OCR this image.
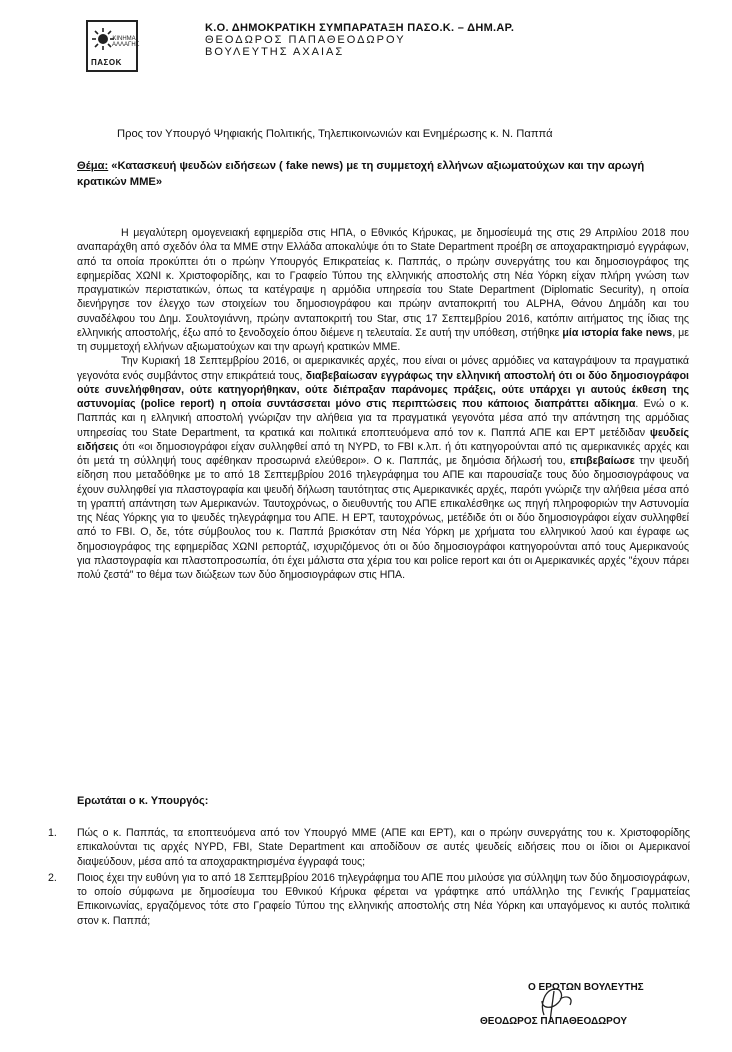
ΚΙΝΗΜΑ ΑΛΛΑΓΗΣ
ΠΑΣΟΚ
Κ.Ο. ΔΗΜΟΚΡΑΤΙΚΗ ΣΥΜΠΑΡΑΤΑΞΗ ΠΑΣΟ.Κ. – ΔΗΜ.ΑΡ.
ΘΕΟΔΩΡΟΣ ΠΑΠΑΘΕΟΔΩΡΟΥ
ΒΟΥΛΕΥΤΗΣ ΑΧΑΙΑΣ
Προς τον Υπουργό Ψηφιακής Πολιτικής, Τηλεπικοινωνιών και Ενημέρωσης κ. Ν. Παππά
Θέμα: «Κατασκευή ψευδών ειδήσεων ( fake news) με τη συμμετοχή ελλήνων αξιωματούχων και την αρωγή κρατικών ΜΜΕ»

Η μεγαλύτερη ομογενειακή εφημερίδα στις ΗΠΑ, ο Εθνικός Κήρυκας, με δημοσίευμά της στις 29 Απριλίου 2018 που αναπαράχθη από σχεδόν όλα τα ΜΜΕ στην Ελλάδα αποκαλύψε ότι το State Department προέβη σε αποχαρακτηρισμό εγγράφων, από τα οποία προκύπτει ότι ο πρώην Υπουργός Επικρατείας κ. Παππάς, ο πρώην συνεργάτης του και δημοσιογράφος της εφημερίδας ΧΩΝΙ κ. Χριστοφορίδης, και το Γραφείο Τύπου της ελληνικής αποστολής στη Νέα Υόρκη είχαν πλήρη γνώση των πραγματικών περιστατικών, όπως τα κατέγραψε η αρμόδια υπηρεσία του State Department (Diplomatic Security), η οποία διενήργησε τον έλεγχο των στοιχείων του δημοσιογράφου και πρώην ανταποκριτή του ALPHA, Θάνου Δημάδη και του συναδέλφου του Δημ. Σουλτογιάννη, πρώην ανταποκριτή του Star, στις 17 Σεπτεμβρίου 2016, κατόπιν αιτήματος της ίδιας της ελληνικής αποστολής, έξω από το ξενοδοχείο όπου διέμενε η τελευταία. Σε αυτή την υπόθεση, στήθηκε μία ιστορία fake news, με τη συμμετοχή ελλήνων αξιωματούχων και την αρωγή κρατικών ΜΜΕ.

Την Κυριακή 18 Σεπτεμβρίου 2016, οι αμερικανικές αρχές, που είναι οι μόνες αρμόδιες να καταγράψουν τα πραγματικά γεγονότα ενός συμβάντος στην επικράτειά τους, διαβεβαίωσαν εγγράφως την ελληνική αποστολή ότι οι δύο δημοσιογράφοι ούτε συνελήφθησαν, ούτε κατηγορήθηκαν, ούτε διέπραξαν παράνομες πράξεις, ούτε υπάρχει γι αυτούς έκθεση της αστυνομίας (police report) η οποία συντάσσεται μόνο στις περιπτώσεις που κάποιος διαπράττει αδίκημα. Ενώ ο κ. Παππάς και η ελληνική αποστολή γνώριζαν την αλήθεια για τα πραγματικά γεγονότα μέσα από την απάντηση της αρμόδιας υπηρεσίας του State Department, τα κρατικά και πολιτικά εποπτευόμενα από τον κ. Παππά ΑΠΕ και ΕΡΤ μετέδιδαν ψευδείς ειδήσεις ότι «οι δημοσιογράφοι είχαν συλληφθεί από τη NYPD, το FBI κ.λπ. ή ότι κατηγορούνται από τις αμερικανικές αρχές και ότι μετά τη σύλληψή τους αφέθηκαν προσωρινά ελεύθεροι». Ο κ. Παππάς, με δημόσια δήλωσή του, επιβεβαίωσε την ψευδή είδηση που μεταδόθηκε με το από 18 Σεπτεμβρίου 2016 τηλεγράφημα του ΑΠΕ και παρουσίαζε τους δύο δημοσιογράφους να έχουν συλληφθεί για πλαστογραφία και ψευδή δήλωση ταυτότητας στις Αμερικανικές αρχές, παρότι γνώριζε την αλήθεια μέσα από τη γραπτή απάντηση των Αμερικανών. Ταυτοχρόνως, ο διευθυντής του ΑΠΕ επικαλέσθηκε ως πηγή πληροφοριών την Αστυνομία της Νέας Υόρκης για το ψευδές τηλεγράφημα του ΑΠΕ. Η ΕΡΤ, ταυτοχρόνως, μετέδιδε ότι οι δύο δημοσιογράφοι είχαν συλληφθεί από το FBI. Ο, δε, τότε σύμβουλος του κ. Παππά βρισκόταν στη Νέα Υόρκη με χρήματα του ελληνικού λαού και έγραφε ως δημοσιογράφος της εφημερίδας ΧΩΝΙ ρεπορτάζ, ισχυριζόμενος ότι οι δύο δημοσιογράφοι κατηγορούνται από τους Αμερικανούς για πλαστογραφία και πλαστοπροσωπία, ότι έχει μάλιστα στα χέρια του και police report και ότι οι Αμερικανικές αρχές "έχουν πάρει πολύ ζεστά" το θέμα των διώξεων των δύο δημοσιογράφων στις ΗΠΑ.

Ερωτάται ο κ. Υπουργός:
1. Πώς ο κ. Παππάς, τα εποπτευόμενα από τον Υπουργό ΜΜΕ (ΑΠΕ και ΕΡΤ), και ο πρώην συνεργάτης του κ. Χριστοφορίδης επικαλούνται τις αρχές NYPD, FBI, State Department και αποδίδουν σε αυτές ψευδείς ειδήσεις που οι ίδιοι οι Αμερικανοί διαψεύδουν, μέσα από τα αποχαρακτηρισμένα έγγραφά τους;
2. Ποιος έχει την ευθύνη για το από 18 Σεπτεμβρίου 2016 τηλεγράφημα του ΑΠΕ που μιλούσε για σύλληψη των δύο δημοσιογράφων, το οποίο σύμφωνα με δημοσίευμα του Εθνικού Κήρυκα φέρεται να γράφτηκε από υπάλληλο της Γενικής Γραμματείας Επικοινωνίας, εργαζόμενος τότε στο Γραφείο Τύπου της ελληνικής αποστολής στη Νέα Υόρκη και υπαγόμενος κι αυτός πολιτικά στον κ. Παππά;
Ο ΕΡΩΤΩΝ ΒΟΥΛΕΥΤΗΣ
ΘΕΟΔΩΡΟΣ ΠΑΠΑΘΕΟΔΩΡΟΥ
